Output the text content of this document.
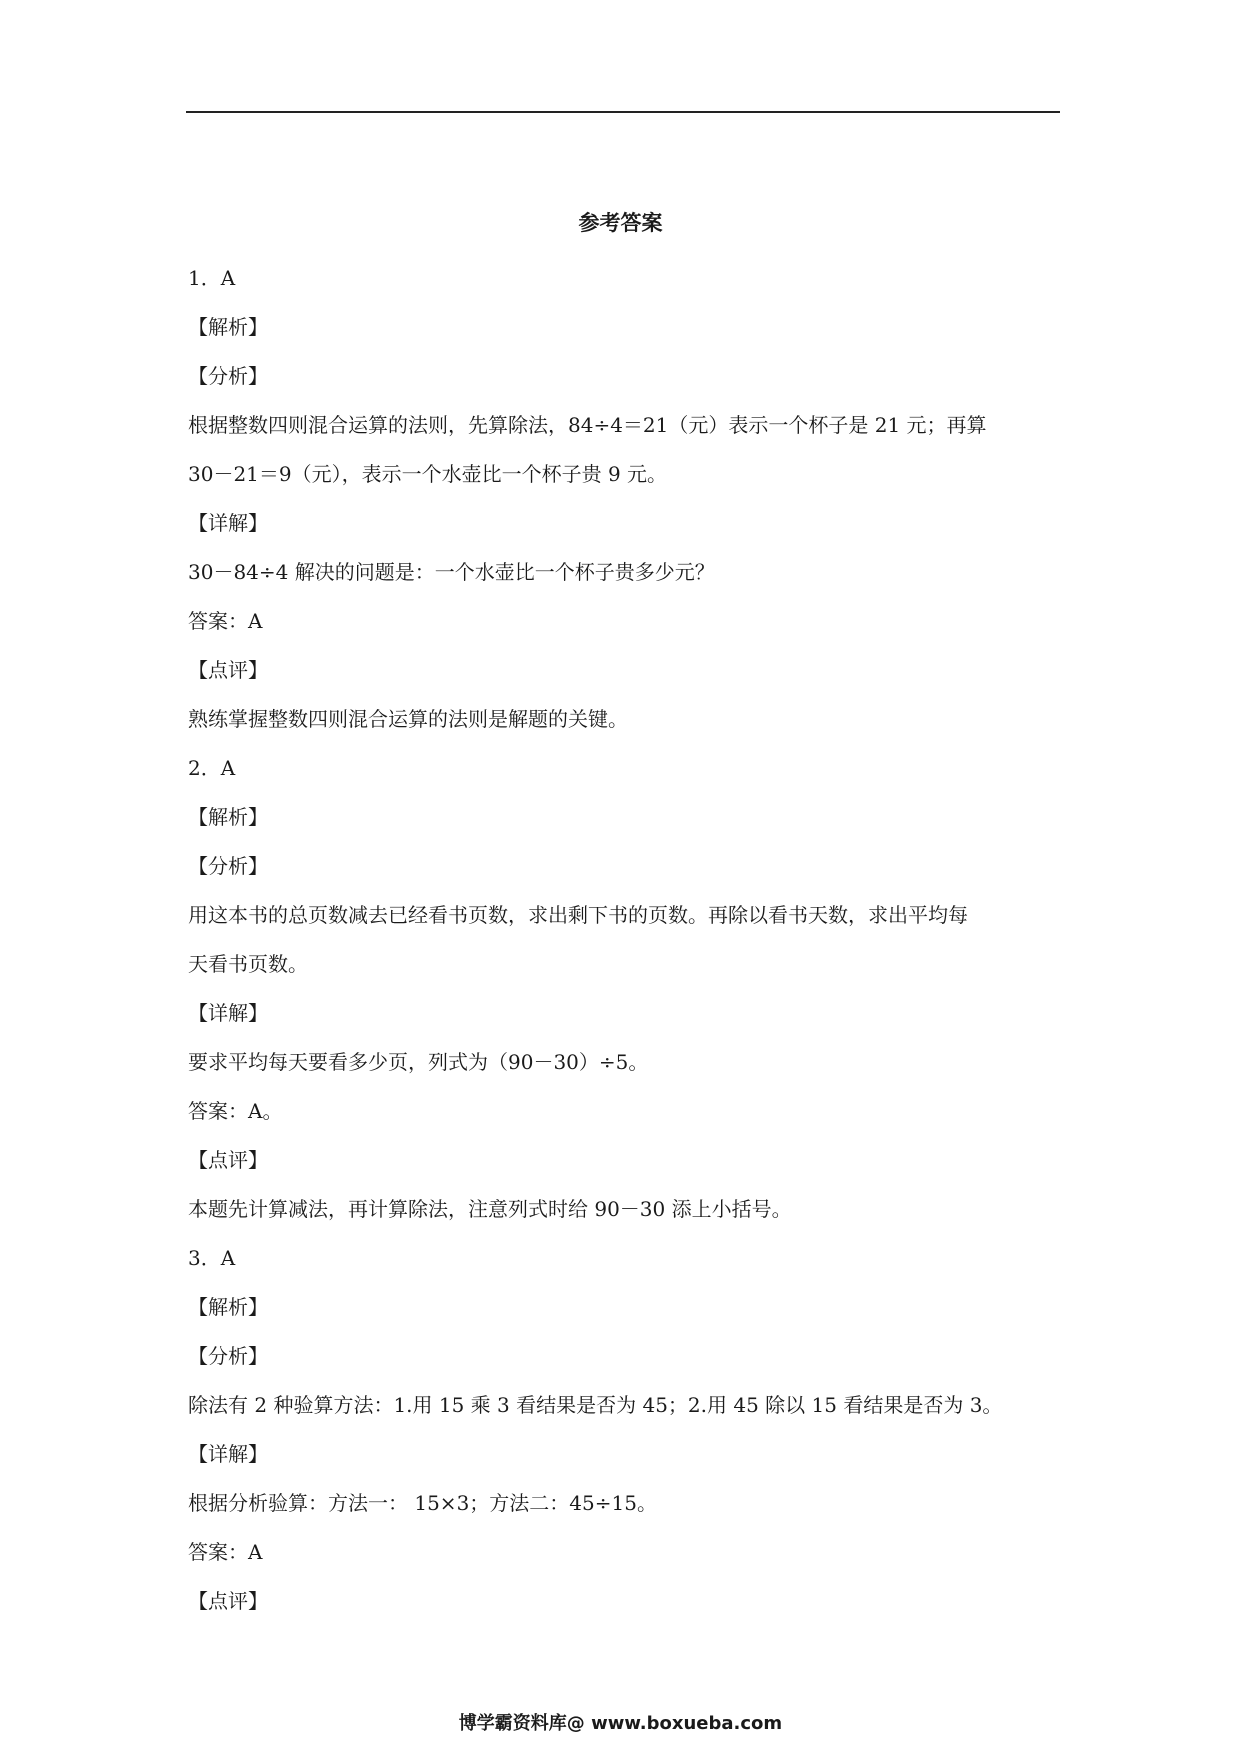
参考答案

1．A

【解析】

【分析】

根据整数四则混合运算的法则，先算除法，84÷4＝21（元）表示一个杯子是 21 元；再算

30－21＝9（元），表示一个水壶比一个杯子贵 9 元。

【详解】

30－84÷4 解决的问题是：一个水壶比一个杯子贵多少元？

答案：A

【点评】

熟练掌握整数四则混合运算的法则是解题的关键。

2．A

【解析】

【分析】

用这本书的总页数减去已经看书页数，求出剩下书的页数。再除以看书天数，求出平均每

天看书页数。

【详解】

要求平均每天要看多少页，列式为（90－30）÷5。

答案：A。

【点评】

本题先计算减法，再计算除法，注意列式时给 90－30 添上小括号。

3．A

【解析】

【分析】

除法有 2 种验算方法：1.用 15 乘 3 看结果是否为 45；2.用 45 除以 15 看结果是否为 3。

【详解】

根据分析验算：方法一： 15×3；方法二：45÷15。

答案：A

【点评】

博学霸资料库@ www.boxueba.com
